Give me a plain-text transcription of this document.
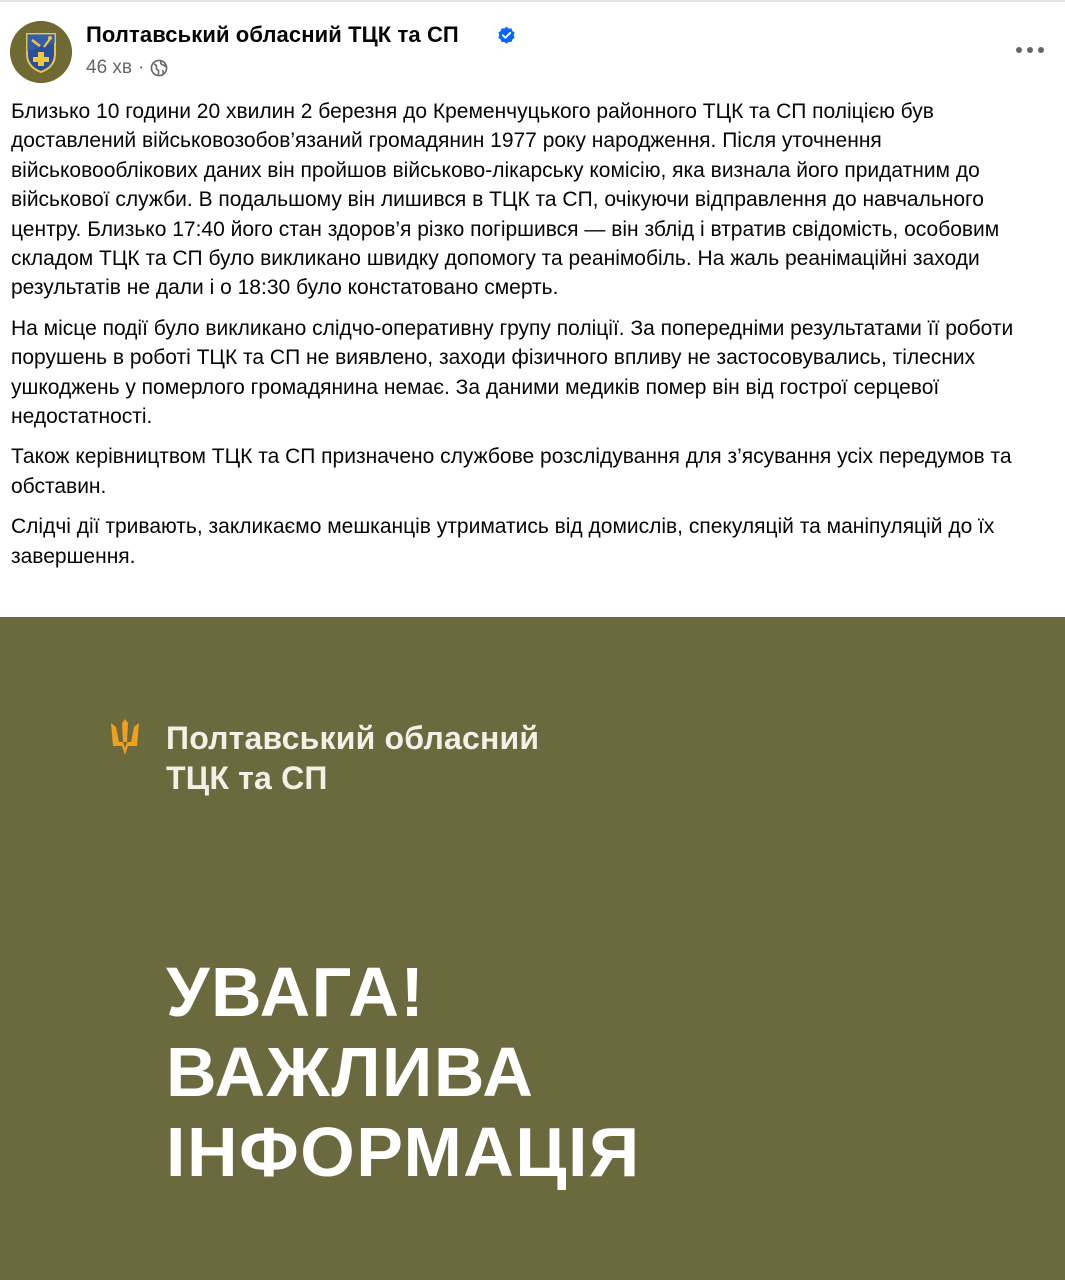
Полтавський обласний ТЦК та СП
46 хв ·

Близько 10 години 20 хвилин 2 березня до Кременчуцького районного ТЦК та СП поліцією був доставлений військовозобов’язаний громадянин 1977 року народження. Після уточнення військовооблікових даних він пройшов військово-лікарську комісію, яка визнала його придатним до військової служби. В подальшому він лишився в ТЦК та СП, очікуючи відправлення до навчального центру. Близько 17:40 його стан здоров’я різко погіршився — він зблід і втратив свідомість, особовим складом ТЦК та СП було викликано швидку допомогу та реанімобіль. На жаль реанімаційні заходи результатів не дали і о 18:30 було констатовано смерть.

На місце події було викликано слідчо-оперативну групу поліції. За попередніми результатами її роботи порушень в роботі ТЦК та СП не виявлено, заходи фізичного впливу не застосовувались, тілесних ушкоджень у померлого громадянина немає. За даними медиків помер він від гострої серцевої недостатності.

Також керівництвом ТЦК та СП призначено службове розслідування для з’ясування усіх передумов та обставин.

Слідчі дії тривають, закликаємо мешканців утриматись від домислів, спекуляцій та маніпуляцій до їх завершення.

Полтавський обласний
ТЦК та СП
УВАГА!
ВАЖЛИВА
ІНФОРМАЦІЯ
